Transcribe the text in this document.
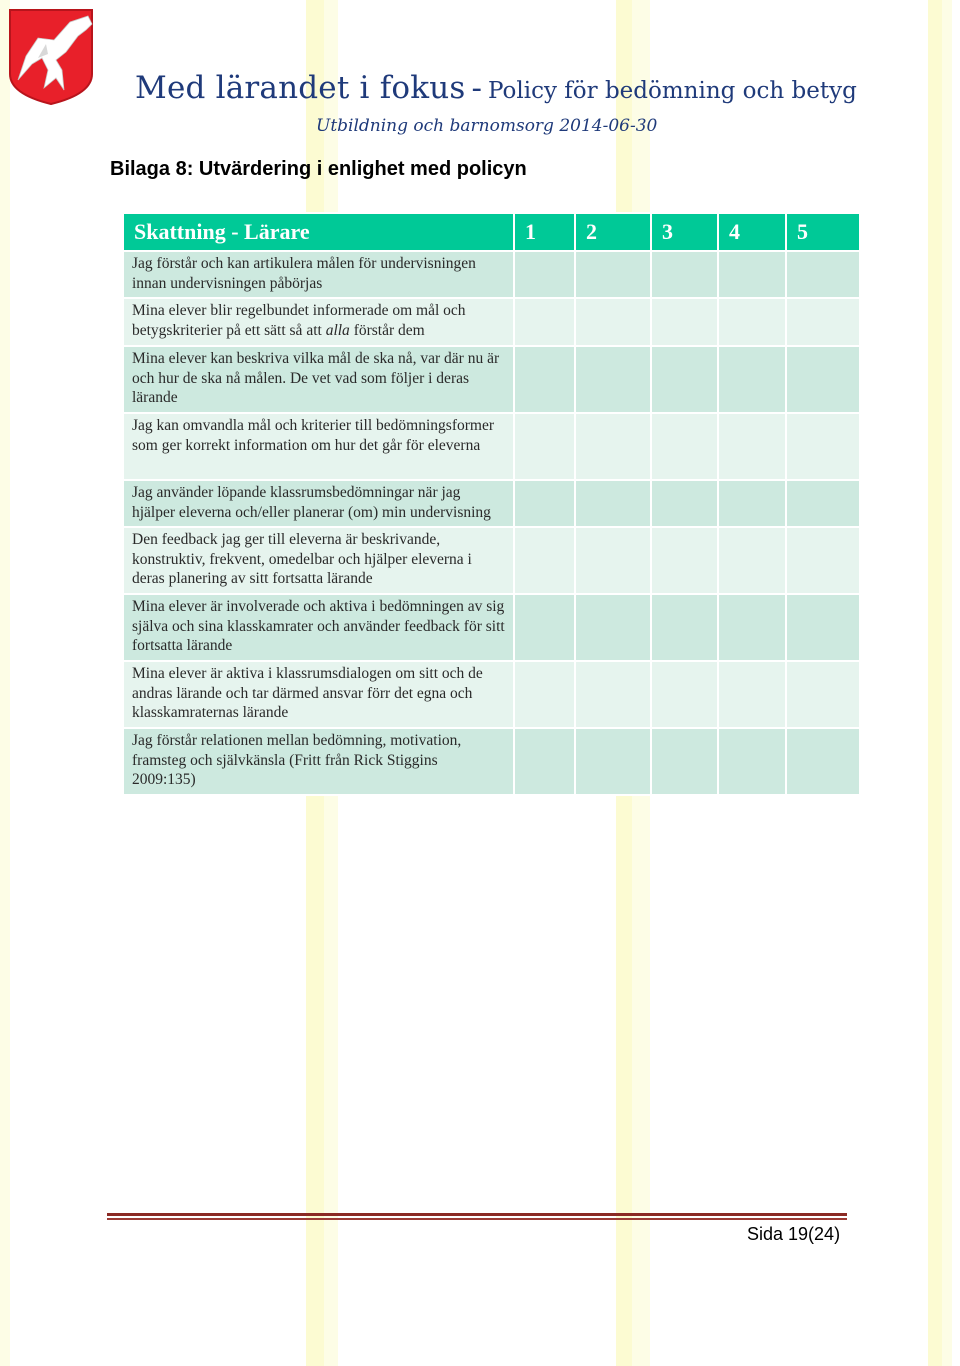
Med lärandet i fokus - Policy för bedömning och betyg
Utbildning och barnomsorg 2014-06-30
Bilaga 8: Utvärdering i enlighet med policyn
Skattning - Lärare	1	2	3	4	5
Jag förstår och kan artikulera målen för undervisningen innan undervisningen påbörjas					
Mina elever blir regelbundet informerade om mål och betygskriterier på ett sätt så att alla förstår dem					
Mina elever kan beskriva vilka mål de ska nå, var där nu är och hur de ska nå målen. De vet vad som följer i deras lärande					
Jag kan omvandla mål och kriterier till bedömningsformer som ger korrekt information om hur det går för eleverna					
Jag använder löpande klassrumsbedömningar när jag hjälper eleverna och/eller planerar (om) min undervisning					
Den feedback jag ger till eleverna är beskrivande, konstruktiv, frekvent, omedelbar och hjälper eleverna i deras planering av sitt fortsatta lärande					
Mina elever är involverade och aktiva i bedömningen av sig själva och sina klasskamrater och använder feedback för sitt fortsatta lärande					
Mina elever är aktiva i klassrumsdialogen om sitt och de andras lärande och tar därmed ansvar förr det egna och klasskamraternas lärande					
Jag förstår relationen mellan bedömning, motivation, framsteg och självkänsla (Fritt från Rick Stiggins 2009:135)					
Sida 19(24)
